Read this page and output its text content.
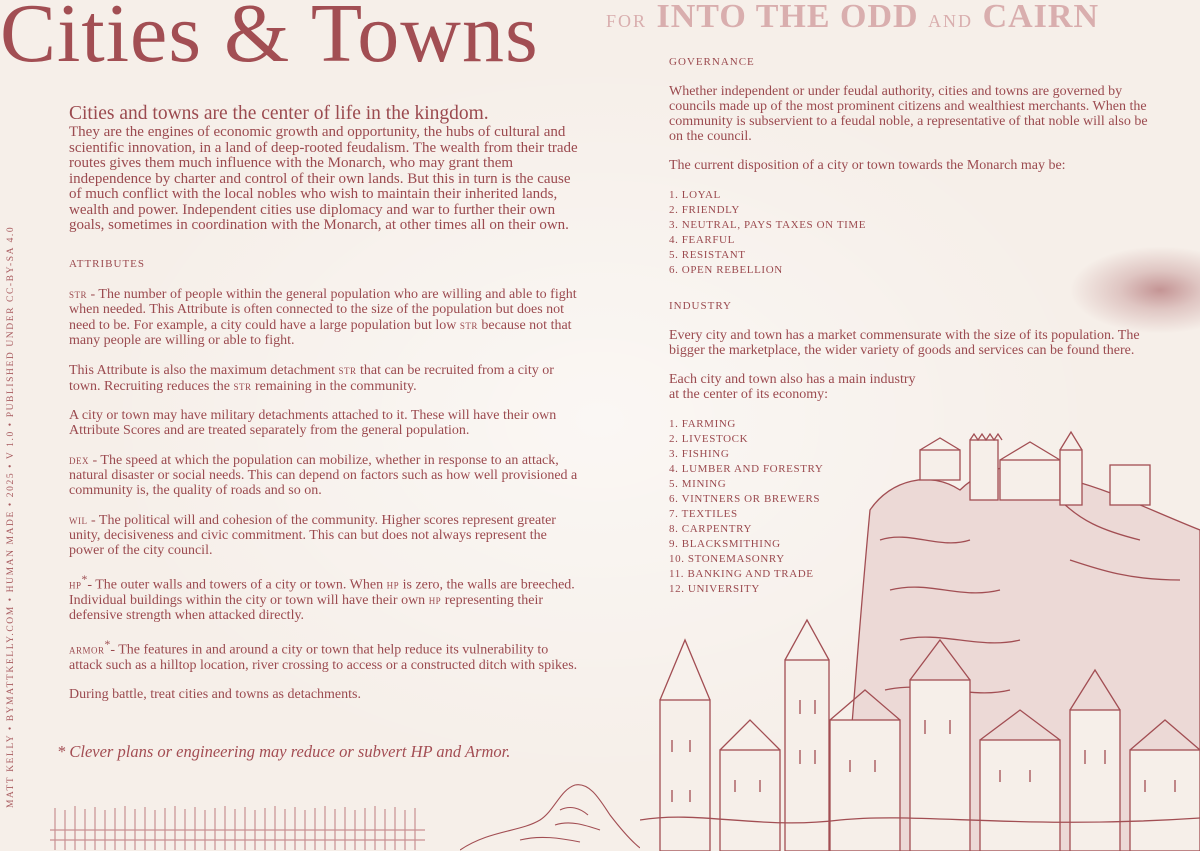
Cities & Towns	FOR INTO THE ODD AND CAIRN
MATT KELLY • BYMATTKELLY.COM • HUMAN MADE • 2025 • V 1.0 • PUBLISHED UNDER CC-BY-SA 4.0

Cities and towns are the center of life in the kingdom.

They are the engines of economic growth and opportunity, the hubs of cultural and scientific innovation, in a land of deep-rooted feudalism. The wealth from their trade routes gives them much influence with the Monarch, who may grant them independence by charter and control of their own lands. But this in turn is the cause of much conflict with the local nobles who wish to maintain their inherited lands, wealth and power. Independent cities use diplomacy and war to further their own goals, sometimes in coordination with the Monarch, at other times all on their own.

attributes

str - The number of people within the general population who are willing and able to fight when needed. This Attribute is often connected to the size of the population but does not need to be. For example, a city could have a large population but low str because not that many people are willing or able to fight.

This Attribute is also the maximum detachment str that can be recruited from a city or town. Recruiting reduces the str remaining in the community.

A city or town may have military detachments attached to it. These will have their own Attribute Scores and are treated separately from the general population.

dex - The speed at which the population can mobilize, whether in response to an attack, natural disaster or social needs. This can depend on factors such as how well provisioned a community is, the quality of roads and so on.

wil - The political will and cohesion of the community. Higher scores represent greater unity, decisiveness and civic commitment. This can but does not always represent the power of the city council.

hp*- The outer walls and towers of a city or town. When hp is zero, the walls are breeched. Individual buildings within the city or town will have their own hp representing their defensive strength when attacked directly.

armor*- The features in and around a city or town that help reduce its vulnerability to attack such as a hilltop location, river crossing to access or a constructed ditch with spikes.

During battle, treat cities and towns as detachments.

* Clever plans or engineering may reduce or subvert HP and Armor.
governance

Whether independent or under feudal authority, cities and towns are governed by councils made up of the most prominent citizens and wealthiest merchants. When the community is subservient to a feudal noble, a representative of that noble will also be on the council.

The current disposition of a city or town towards the Monarch may be:

1. LOYAL
2. FRIENDLY
3. NEUTRAL, PAYS TAXES ON TIME
4. FEARFUL
5. RESISTANT
6. OPEN REBELLION
industry

Every city and town has a market commensurate with the size of its population. The bigger the marketplace, the wider variety of goods and services can be found there.

Each city and town also has a main industry

at the center of its economy:

1. FARMING
2. LIVESTOCK
3. FISHING
4. LUMBER AND FORESTRY
5. MINING
6. VINTNERS OR BREWERS
7. TEXTILES
8. CARPENTRY
9. BLACKSMITHING
10. STONEMASONRY
11. BANKING AND TRADE
12. UNIVERSITY
